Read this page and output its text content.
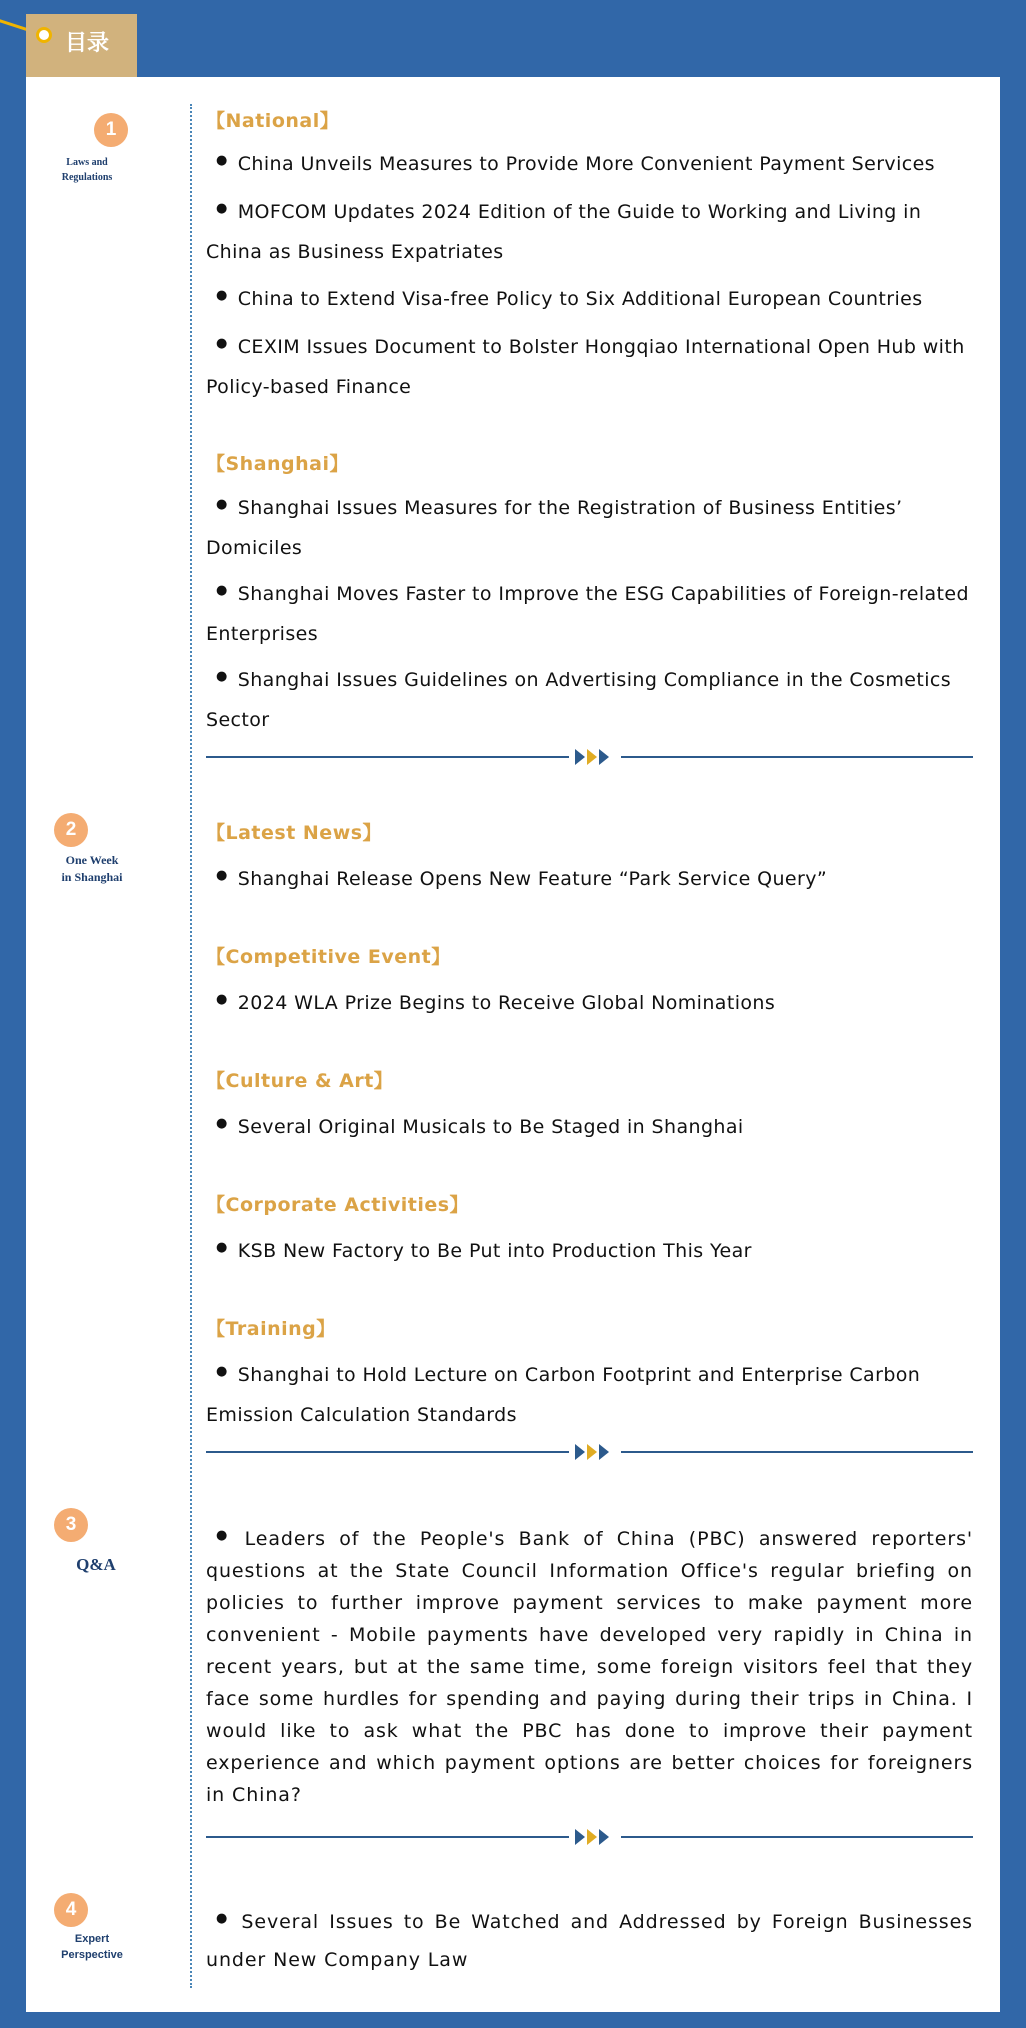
目录
1
Laws and
Regulations
【National】
● China Unveils Measures to Provide More Convenient Payment Services
● MOFCOM Updates 2024 Edition of the Guide to Working and Living in China as Business Expatriates
● China to Extend Visa-free Policy to Six Additional European Countries
● CEXIM Issues Document to Bolster Hongqiao International Open Hub with Policy-based Finance
【Shanghai】
● Shanghai Issues Measures for the Registration of Business Entities’ Domiciles
● Shanghai Moves Faster to Improve the ESG Capabilities of Foreign-related Enterprises
● Shanghai Issues Guidelines on Advertising Compliance in the Cosmetics Sector
2
One Week
in Shanghai
【Latest News】
● Shanghai Release Opens New Feature “Park Service Query”
【Competitive Event】
● 2024 WLA Prize Begins to Receive Global Nominations
【Culture & Art】
● Several Original Musicals to Be Staged in Shanghai
【Corporate Activities】
● KSB New Factory to Be Put into Production This Year
【Training】
● Shanghai to Hold Lecture on Carbon Footprint and Enterprise Carbon Emission Calculation Standards
3
Q&A
● Leaders of the People's Bank of China (PBC) answered reporters' questions at the State Council Information Office's regular briefing on policies to further improve payment services to make payment more convenient - Mobile payments have developed very rapidly in China in recent years, but at the same time, some foreign visitors feel that they face some hurdles for spending and paying during their trips in China. I would like to ask what the PBC has done to improve their payment experience and which payment options are better choices for foreigners in China?
4
Expert
Perspective
● Several Issues to Be Watched and Addressed by Foreign Businesses under New Company Law
